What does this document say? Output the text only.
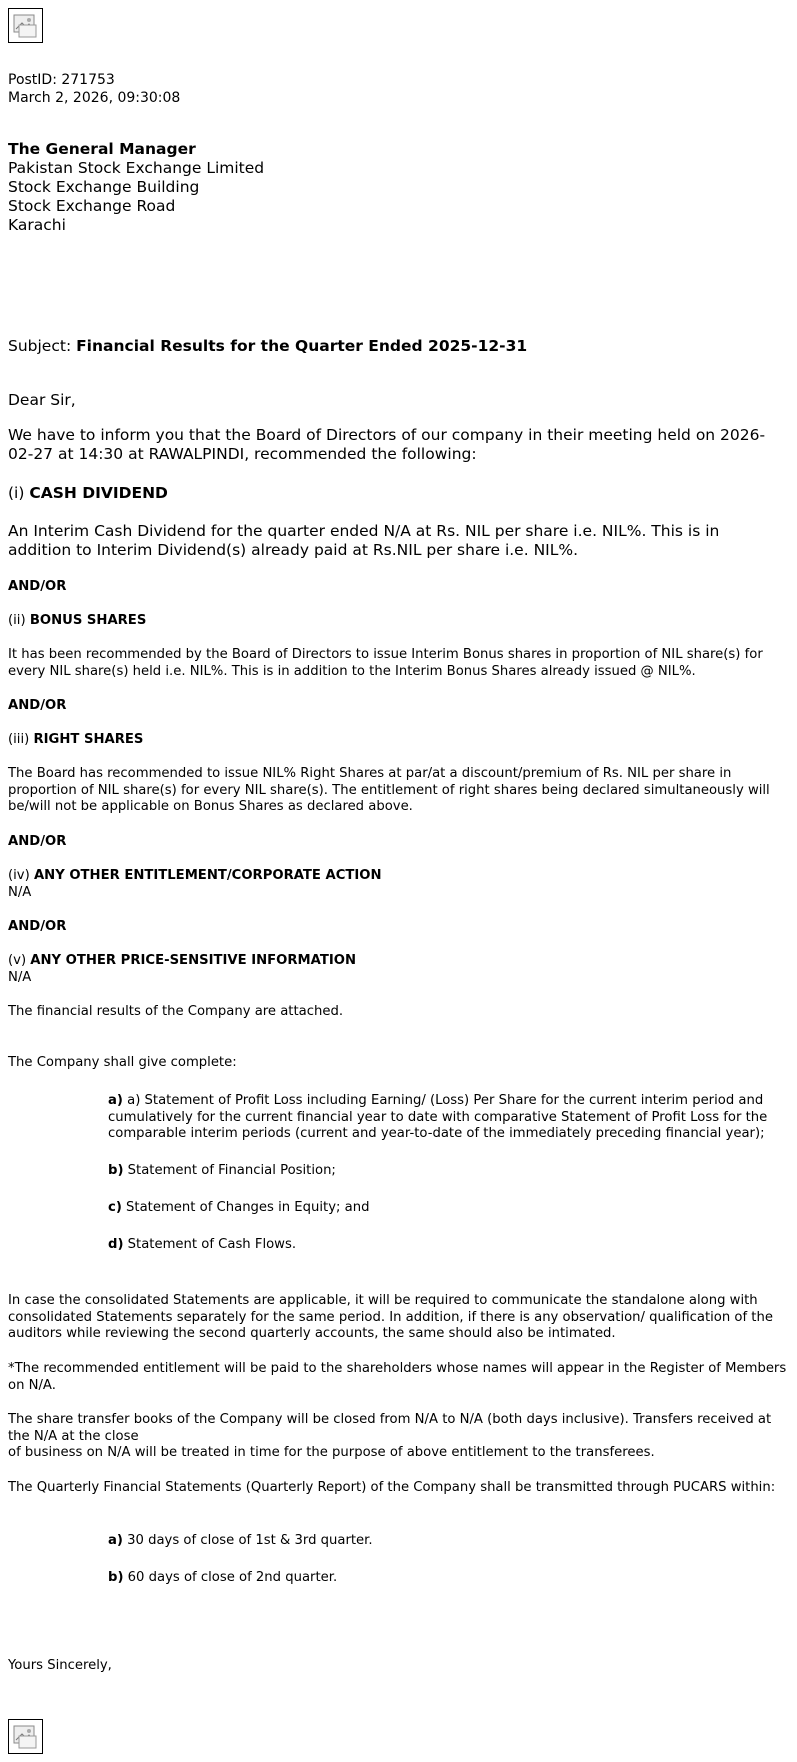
PostID: 271753

March 2, 2026, 09:30:08

The General Manager

Pakistan Stock Exchange Limited

Stock Exchange Building

Stock Exchange Road

Karachi

Subject: Financial Results for the Quarter Ended 2025-12-31
Dear Sir,
We have to inform you that the Board of Directors of our company in their meeting held on 2026-02-27 at 14:30 at RAWALPINDI, recommended the following:
(i) CASH DIVIDEND
An Interim Cash Dividend for the quarter ended N/A at Rs. NIL per share i.e. NIL%. This is in addition to Interim Dividend(s) already paid at Rs.NIL per share i.e. NIL%.
AND/OR
(ii) BONUS SHARES
It has been recommended by the Board of Directors to issue Interim Bonus shares in proportion of NIL share(s) for every NIL share(s) held i.e. NIL%. This is in addition to the Interim Bonus Shares already issued @ NIL%.
AND/OR
(iii) RIGHT SHARES
The Board has recommended to issue NIL% Right Shares at par/at a discount/premium of Rs. NIL per share in proportion of NIL share(s) for every NIL share(s). The entitlement of right shares being declared simultaneously will be/will not be applicable on Bonus Shares as declared above.
AND/OR
(iv) ANY OTHER ENTITLEMENT/CORPORATE ACTION

N/A

AND/OR
(v) ANY OTHER PRICE-SENSITIVE INFORMATION

N/A

The financial results of the Company are attached.
The Company shall give complete:
a) a) Statement of Profit Loss including Earning/ (Loss) Per Share for the current interim period and cumulatively for the current financial year to date with comparative Statement of Profit Loss for the comparable interim periods (current and year-to-date of the immediately preceding financial year);
b) Statement of Financial Position;
c) Statement of Changes in Equity; and
d) Statement of Cash Flows.
In case the consolidated Statements are applicable, it will be required to communicate the standalone along with consolidated Statements separately for the same period. In addition, if there is any observation/ qualification of the auditors while reviewing the second quarterly accounts, the same should also be intimated.
*The recommended entitlement will be paid to the shareholders whose names will appear in the Register of Members on N/A.

The share transfer books of the Company will be closed from N/A to N/A (both days inclusive). Transfers received at the N/A at the close

of business on N/A will be treated in time for the purpose of above entitlement to the transferees.

The Quarterly Financial Statements (Quarterly Report) of the Company shall be transmitted through PUCARS within:
a) 30 days of close of 1st & 3rd quarter.
b) 60 days of close of 2nd quarter.
Yours Sincerely,
